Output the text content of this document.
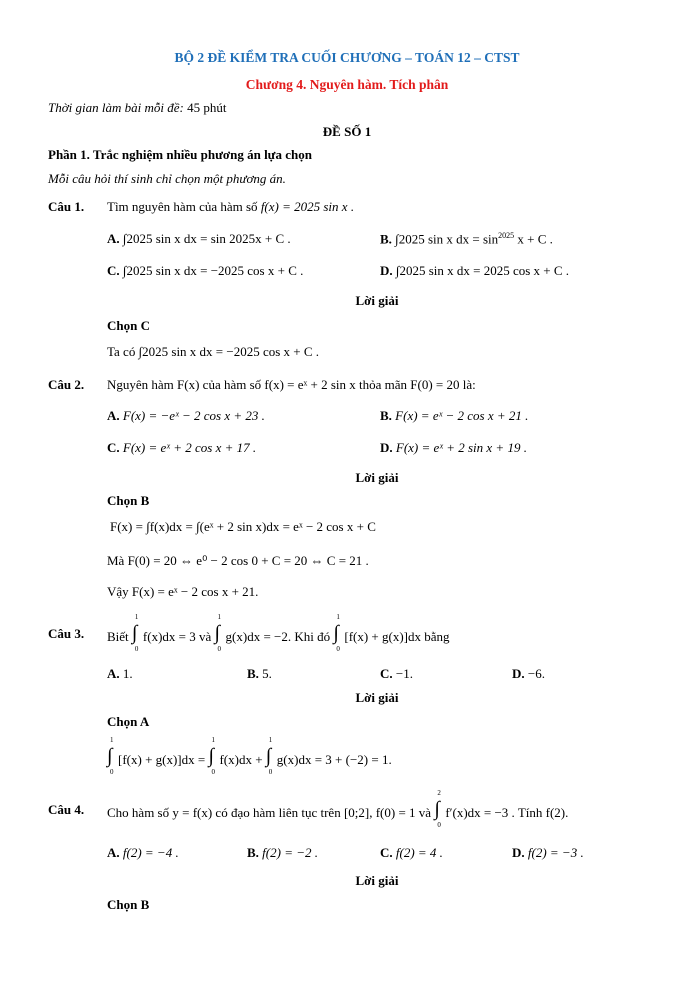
BỘ 2 ĐỀ KIỂM TRA CUỐI CHƯƠNG – TOÁN 12 – CTST
Chương 4. Nguyên hàm. Tích phân
Thời gian làm bài mỗi đề: 45 phút
ĐỀ SỐ 1
Phần 1. Trắc nghiệm nhiều phương án lựa chọn
Mỗi câu hỏi thí sinh chỉ chọn một phương án.
Câu 1. Tìm nguyên hàm của hàm số f(x) = 2025 sin x .
A. ∫2025 sin x dx = sin 2025x + C .	B. ∫2025 sin x dx = $\sin^{2025} x + C$ .
C. ∫2025 sin x dx = −2025 cos x + C .	D. ∫2025 sin x dx = 2025 cos x + C .
Lời giải
Chọn C
Ta có ∫2025 sin x dx = −2025 cos x + C .
Câu 2. Nguyên hàm F(x) của hàm số f(x) = eˣ + 2 sin x thỏa mãn F(0) = 20 là:
A. F(x) = −eˣ − 2 cos x + 23 .	B. F(x) = eˣ − 2 cos x + 21 .
C. F(x) = eˣ + 2 cos x + 17 .	D. F(x) = eˣ + 2 sin x + 19 .
Lời giải
Chọn B
F(x) = ∫f(x)dx = ∫(eˣ + 2 sin x)dx = eˣ − 2 cos x + C
Mà F(0) = 20 ⇔ e⁰ − 2 cos 0 + C = 20 ⇔ C = 21 .
Vậy F(x) = eˣ − 2 cos x + 21.
Câu 3. Biết ∫
1
0
f(x)dx = 3 và ∫
1
0
g(x)dx = −2. Khi đó ∫
1
0
[f(x) + g(x)]dx bằng
A. 1.	B. 5.	C. −1.	D. −6.
Lời giải
Chọn A
∫
1
0
[f(x) + g(x)]dx = ∫
1
0
f(x)dx + ∫
1
0
g(x)dx = 3 + (−2) = 1.
Câu 4. Cho hàm số y = f(x) có đạo hàm liên tục trên [0;2], f(0) = 1 và ∫
2
0
f′(x)dx = −3 . Tính f(2).
A. f(2) = −4 .	B. f(2) = −2 .	C. f(2) = 4 .	D. f(2) = −3 .
Lời giải
Chọn B
